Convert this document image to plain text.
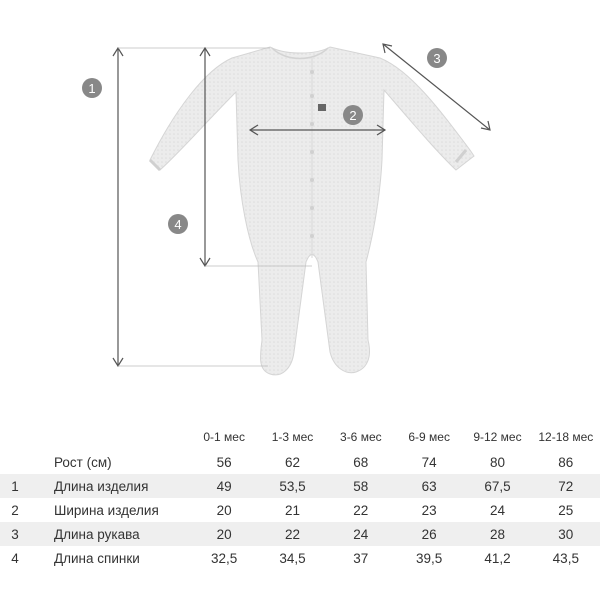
1
2
3
4
		0-1 мес	1-3 мес	3-6 мес	6-9 мес	9-12 мес	12-18 мес
	Рост (см)	56	62	68	74	80	86
1	Длина изделия	49	53,5	58	63	67,5	72
2	Ширина изделия	20	21	22	23	24	25
3	Длина рукава	20	22	24	26	28	30
4	Длина спинки	32,5	34,5	37	39,5	41,2	43,5
